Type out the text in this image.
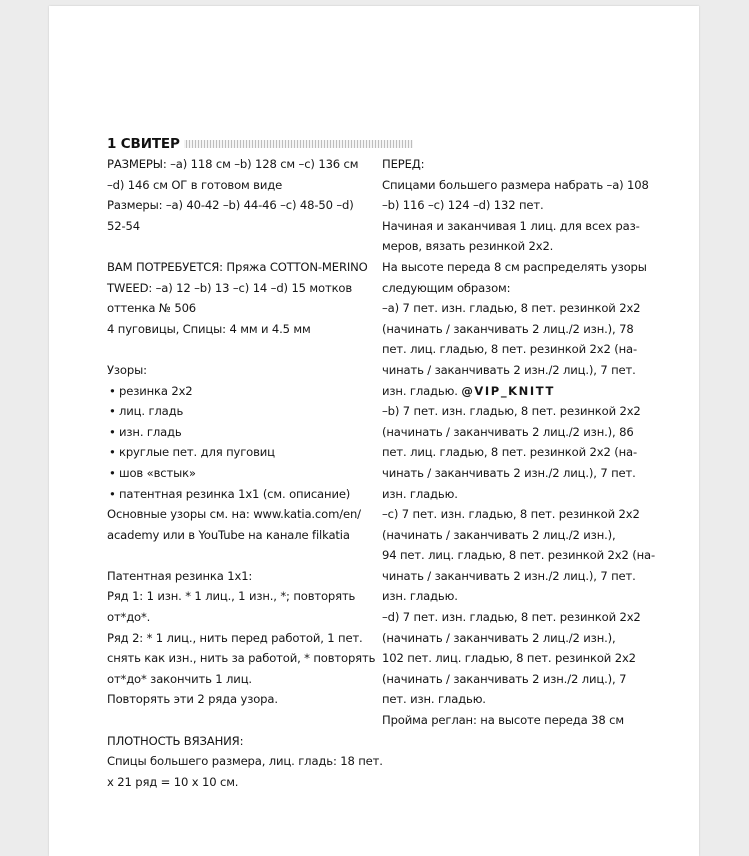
1 СВИТЕР
РАЗМЕРЫ: –a) 118 см –b) 128 см –c) 136 см
–d) 146 см ОГ в готовом виде
Размеры: –a) 40-42 –b) 44-46 –c) 48-50 –d)
52-54
ВАМ ПОТРЕБУЕТСЯ: Пряжа COTTON-MERINO
TWEED: –a) 12 –b) 13 –c) 14 –d) 15 мотков
оттенка № 506
4 пуговицы, Спицы: 4 мм и 4.5 мм
Узоры:
• резинка 2х2
• лиц. гладь
• изн. гладь
• круглые пет. для пуговиц
• шов «встык»
• патентная резинка 1x1 (см. описание)
Основные узоры см. на: www.katia.com/en/
academy или в YouTube на канале filkatia
Патентная резинка 1x1:
Ряд 1: 1 изн. * 1 лиц., 1 изн., *; повторять
от*до*.
Ряд 2: * 1 лиц., нить перед работой, 1 пет.
снять как изн., нить за работой, * повторять
от*до* закончить 1 лиц.
Повторять эти 2 ряда узора.
ПЛОТНОСТЬ ВЯЗАНИЯ:
Спицы большего размера, лиц. гладь: 18 пет.
x 21 ряд = 10 x 10 см.
ПЕРЕД:
Спицами большего размера набрать –a) 108
–b) 116 –c) 124 –d) 132 пет.
Начиная и заканчивая 1 лиц. для всех раз-
меров, вязать резинкой 2x2.
На высоте переда 8 см распределять узоры
следующим образом:
–a) 7 пет. изн. гладью, 8 пет. резинкой 2x2
(начинать / заканчивать 2 лиц./2 изн.), 78
пет. лиц. гладью, 8 пет. резинкой 2x2 (на-
чинать / заканчивать 2 изн./2 лиц.), 7 пет.
изн. гладью. @VIP_KNITT
–b) 7 пет. изн. гладью, 8 пет. резинкой 2x2
(начинать / заканчивать 2 лиц./2 изн.), 86
пет. лиц. гладью, 8 пет. резинкой 2x2 (на-
чинать / заканчивать 2 изн./2 лиц.), 7 пет.
изн. гладью.
–c) 7 пет. изн. гладью, 8 пет. резинкой 2x2
(начинать / заканчивать 2 лиц./2 изн.),
94 пет. лиц. гладью, 8 пет. резинкой 2x2 (на-
чинать / заканчивать 2 изн./2 лиц.), 7 пет.
изн. гладью.
–d) 7 пет. изн. гладью, 8 пет. резинкой 2x2
(начинать / заканчивать 2 лиц./2 изн.),
102 пет. лиц. гладью, 8 пет. резинкой 2x2
(начинать / заканчивать 2 изн./2 лиц.), 7
пет. изн. гладью.
Пройма реглан: на высоте переда 38 см
